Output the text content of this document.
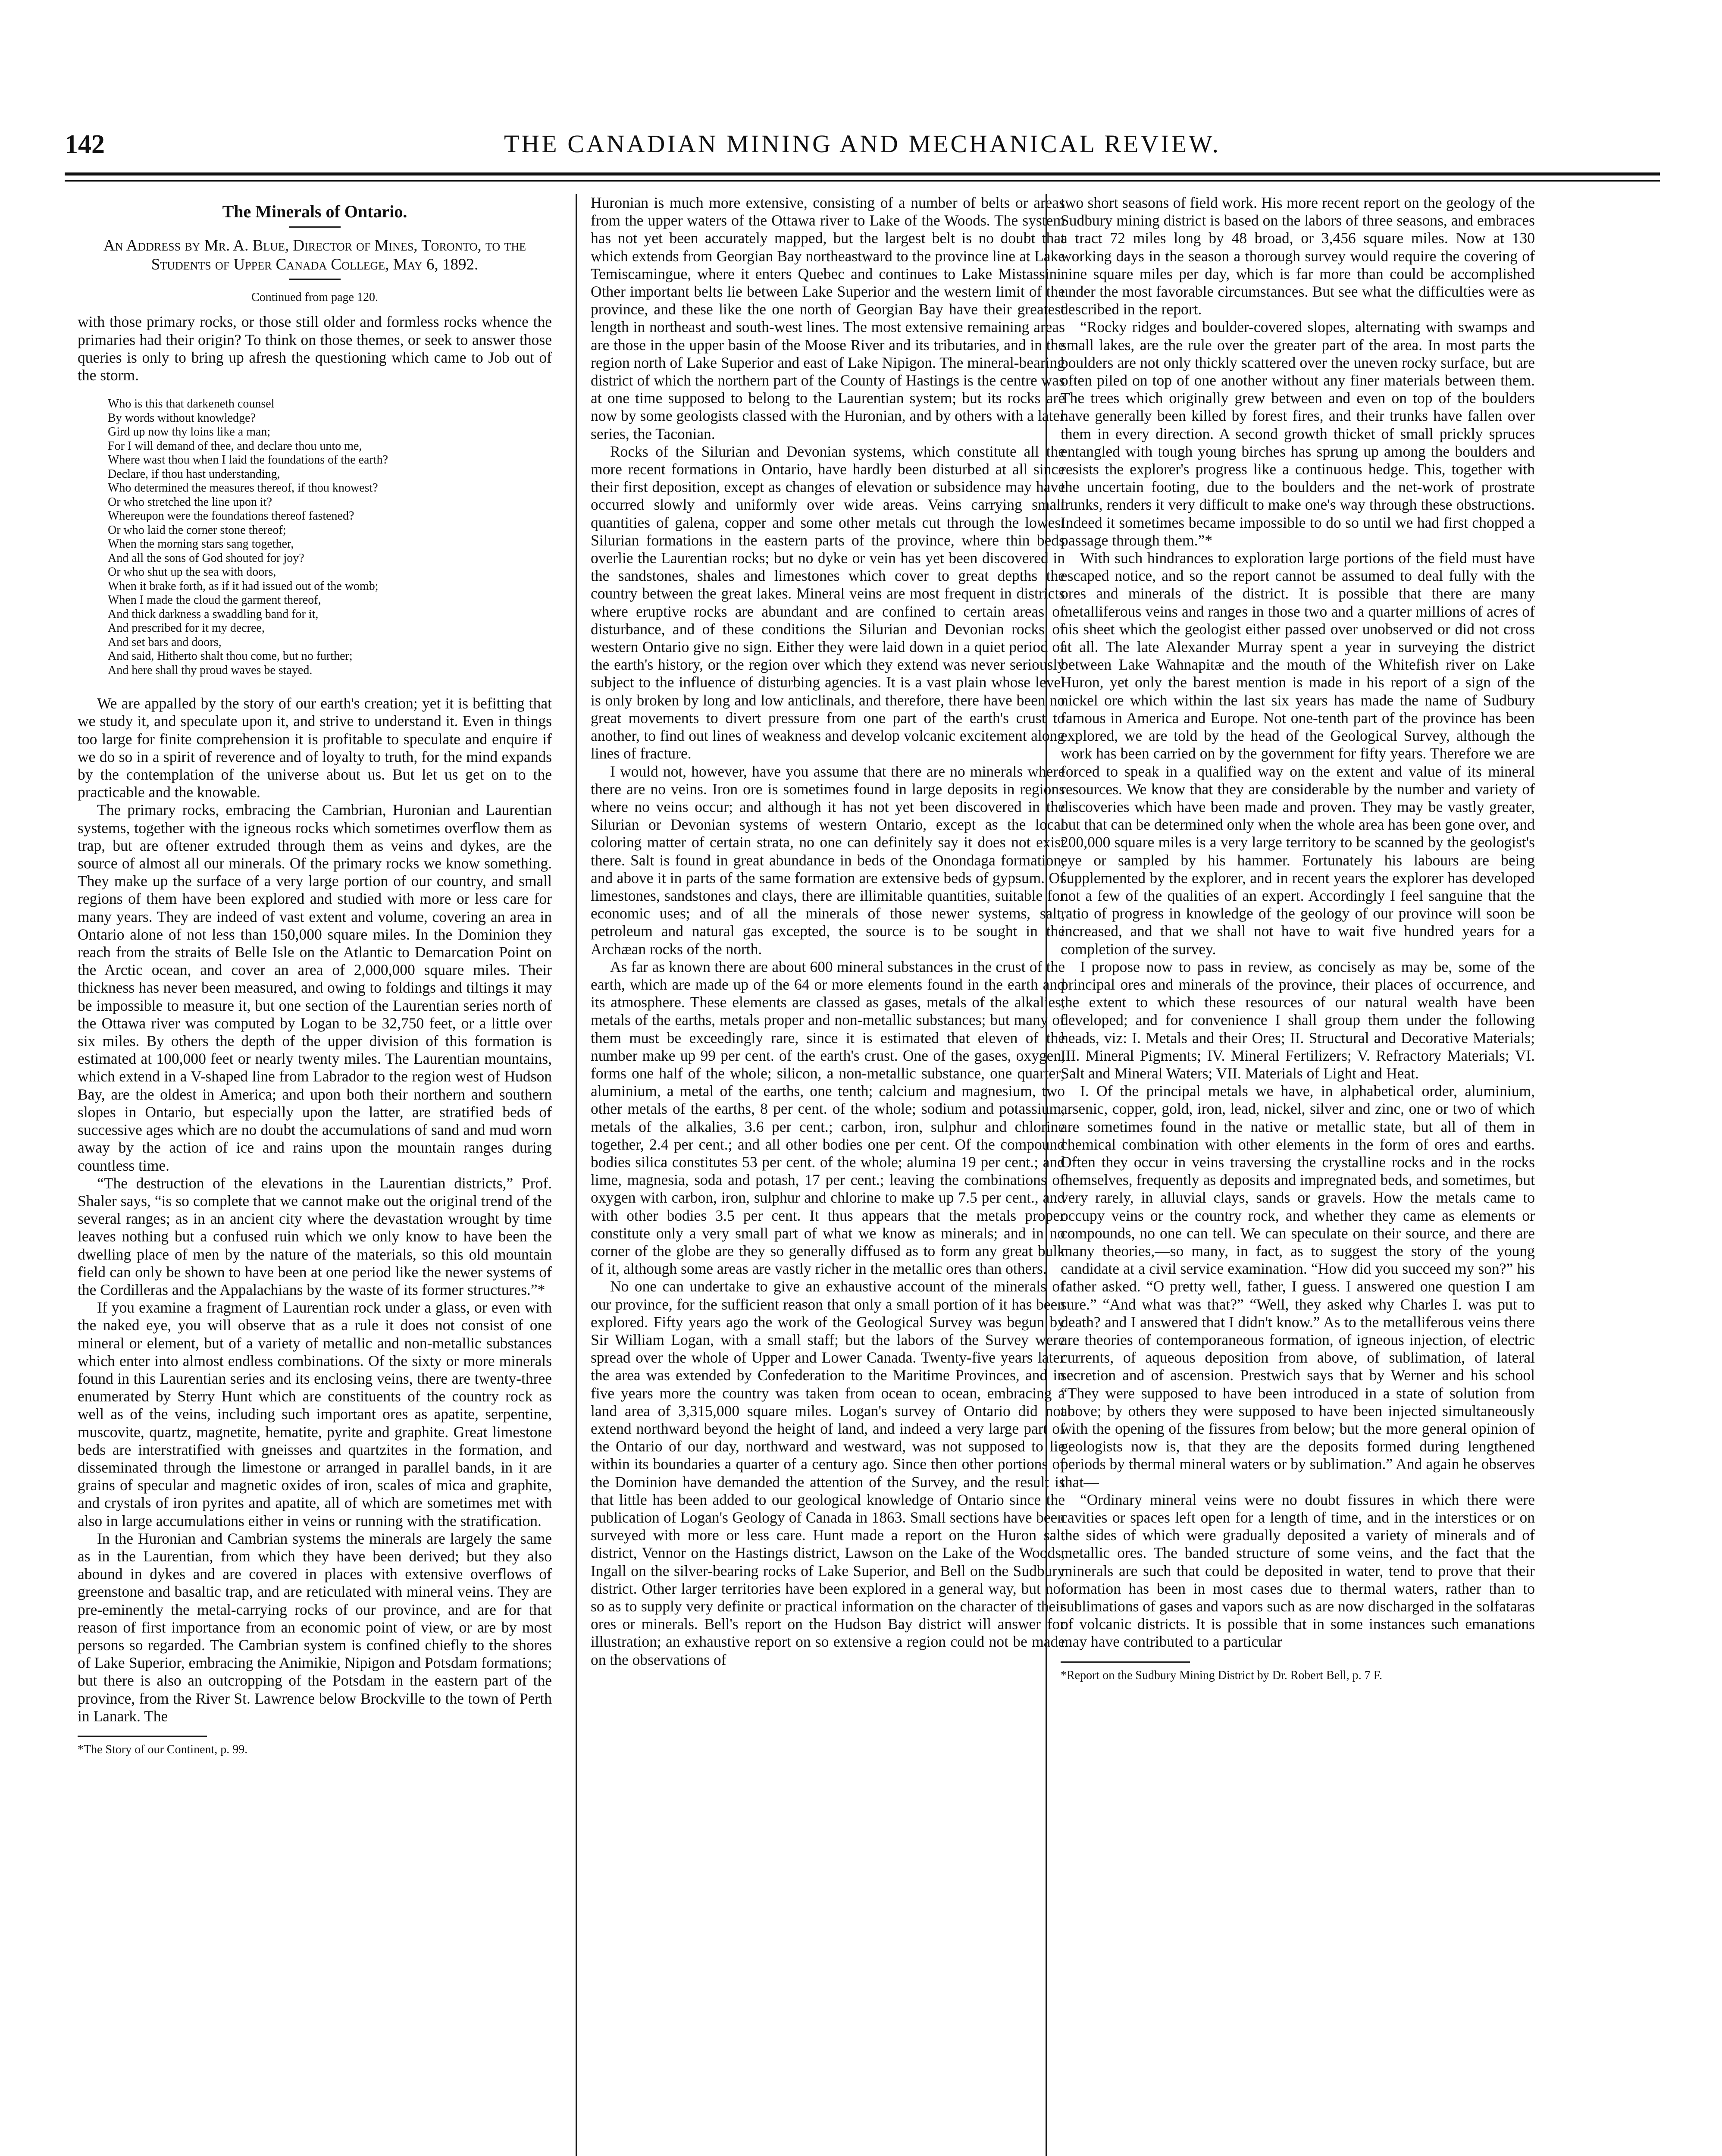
142	THE CANADIAN MINING AND MECHANICAL REVIEW.
The Minerals of Ontario.
An Address by Mr. A. Blue, Director of Mines, Toronto, to the Students of Upper Canada College, May 6, 1892.
Continued from page 120.

with those primary rocks, or those still older and formless rocks whence the primaries had their origin? To think on those themes, or seek to answer those queries is only to bring up afresh the questioning which came to Job out of the storm.

Who is this that darkeneth counsel
By words without knowledge?
Gird up now thy loins like a man;
For I will demand of thee, and declare thou unto me,
Where wast thou when I laid the foundations of the earth?
Declare, if thou hast understanding,
Who determined the measures thereof, if thou knowest?
Or who stretched the line upon it?
Whereupon were the foundations thereof fastened?
Or who laid the corner stone thereof;
When the morning stars sang together,
And all the sons of God shouted for joy?
Or who shut up the sea with doors,
When it brake forth, as if it had issued out of the womb;
When I made the cloud the garment thereof,
And thick darkness a swaddling band for it,
And prescribed for it my decree,
And set bars and doors,
And said, Hitherto shalt thou come, but no further;
And here shall thy proud waves be stayed.

We are appalled by the story of our earth's creation; yet it is befitting that we study it, and speculate upon it, and strive to understand it. Even in things too large for finite comprehension it is profitable to speculate and enquire if we do so in a spirit of reverence and of loyalty to truth, for the mind expands by the contemplation of the universe about us. But let us get on to the practicable and the knowable.

The primary rocks, embracing the Cambrian, Huronian and Laurentian systems, together with the igneous rocks which sometimes overflow them as trap, but are oftener extruded through them as veins and dykes, are the source of almost all our minerals. Of the primary rocks we know something. They make up the surface of a very large portion of our country, and small regions of them have been explored and studied with more or less care for many years. They are indeed of vast extent and volume, covering an area in Ontario alone of not less than 150,000 square miles. In the Dominion they reach from the straits of Belle Isle on the Atlantic to Demarcation Point on the Arctic ocean, and cover an area of 2,000,000 square miles. Their thickness has never been measured, and owing to foldings and tiltings it may be impossible to measure it, but one section of the Laurentian series north of the Ottawa river was computed by Logan to be 32,750 feet, or a little over six miles. By others the depth of the upper division of this formation is estimated at 100,000 feet or nearly twenty miles. The Laurentian mountains, which extend in a V-shaped line from Labrador to the region west of Hudson Bay, are the oldest in America; and upon both their northern and southern slopes in Ontario, but especially upon the latter, are stratified beds of successive ages which are no doubt the accumulations of sand and mud worn away by the action of ice and rains upon the mountain ranges during countless time.

“The destruction of the elevations in the Laurentian districts,” Prof. Shaler says, “is so complete that we cannot make out the original trend of the several ranges; as in an ancient city where the devastation wrought by time leaves nothing but a confused ruin which we only know to have been the dwelling place of men by the nature of the materials, so this old mountain field can only be shown to have been at one period like the newer systems of the Cordilleras and the Appalachians by the waste of its former structures.”*

If you examine a fragment of Laurentian rock under a glass, or even with the naked eye, you will observe that as a rule it does not consist of one mineral or element, but of a variety of metallic and non-metallic substances which enter into almost endless combinations. Of the sixty or more minerals found in this Laurentian series and its enclosing veins, there are twenty-three enumerated by Sterry Hunt which are constituents of the country rock as well as of the veins, including such important ores as apatite, serpentine, muscovite, quartz, magnetite, hematite, pyrite and graphite. Great limestone beds are interstratified with gneisses and quartzites in the formation, and disseminated through the limestone or arranged in parallel bands, in it are grains of specular and magnetic oxides of iron, scales of mica and graphite, and crystals of iron pyrites and apatite, all of which are sometimes met with also in large accumulations either in veins or running with the stratification.

In the Huronian and Cambrian systems the minerals are largely the same as in the Laurentian, from which they have been derived; but they also abound in dykes and are covered in places with extensive overflows of greenstone and basaltic trap, and are reticulated with mineral veins. They are pre-eminently the metal-carrying rocks of our province, and are for that reason of first importance from an economic point of view, or are by most persons so regarded. The Cambrian system is confined chiefly to the shores of Lake Superior, embracing the Animikie, Nipigon and Potsdam formations; but there is also an outcropping of the Potsdam in the eastern part of the province, from the River St. Lawrence below Brockville to the town of Perth in Lanark. The

*The Story of our Continent, p. 99.

Huronian is much more extensive, consisting of a number of belts or areas from the upper waters of the Ottawa river to Lake of the Woods. The system has not yet been accurately mapped, but the largest belt is no doubt that which extends from Georgian Bay northeastward to the province line at Lake Temiscamingue, where it enters Quebec and continues to Lake Mistassini. Other important belts lie between Lake Superior and the western limit of the province, and these like the one north of Georgian Bay have their greatest length in northeast and south-west lines. The most extensive remaining areas are those in the upper basin of the Moose River and its tributaries, and in the region north of Lake Superior and east of Lake Nipigon. The mineral-bearing district of which the northern part of the County of Hastings is the centre was at one time supposed to belong to the Laurentian system; but its rocks are now by some geologists classed with the Huronian, and by others with a later series, the Taconian.

Rocks of the Silurian and Devonian systems, which constitute all the more recent formations in Ontario, have hardly been disturbed at all since their first deposition, except as changes of elevation or subsidence may have occurred slowly and uniformly over wide areas. Veins carrying small quantities of galena, copper and some other metals cut through the lowest Silurian formations in the eastern parts of the province, where thin beds overlie the Laurentian rocks; but no dyke or vein has yet been discovered in the sandstones, shales and limestones which cover to great depths the country between the great lakes. Mineral veins are most frequent in districts where eruptive rocks are abundant and are confined to certain areas of disturbance, and of these conditions the Silurian and Devonian rocks of western Ontario give no sign. Either they were laid down in a quiet period of the earth's history, or the region over which they extend was never seriously subject to the influence of disturbing agencies. It is a vast plain whose level is only broken by long and low anticlinals, and therefore, there have been no great movements to divert pressure from one part of the earth's crust to another, to find out lines of weakness and develop volcanic excitement along lines of fracture.

I would not, however, have you assume that there are no minerals where there are no veins. Iron ore is sometimes found in large deposits in regions where no veins occur; and although it has not yet been discovered in the Silurian or Devonian systems of western Ontario, except as the local coloring matter of certain strata, no one can definitely say it does not exist there. Salt is found in great abundance in beds of the Onondaga formation, and above it in parts of the same formation are extensive beds of gypsum. Of limestones, sandstones and clays, there are illimitable quantities, suitable for economic uses; and of all the minerals of those newer systems, salt, petroleum and natural gas excepted, the source is to be sought in the Archæan rocks of the north.

As far as known there are about 600 mineral substances in the crust of the earth, which are made up of the 64 or more elements found in the earth and its atmosphere. These elements are classed as gases, metals of the alkalies, metals of the earths, metals proper and non-metallic substances; but many of them must be exceedingly rare, since it is estimated that eleven of the number make up 99 per cent. of the earth's crust. One of the gases, oxygen, forms one half of the whole; silicon, a non-metallic substance, one quarter; aluminium, a metal of the earths, one tenth; calcium and magnesium, two other metals of the earths, 8 per cent. of the whole; sodium and potassium, metals of the alkalies, 3.6 per cent.; carbon, iron, sulphur and chlorine together, 2.4 per cent.; and all other bodies one per cent. Of the compound bodies silica constitutes 53 per cent. of the whole; alumina 19 per cent.; and lime, magnesia, soda and potash, 17 per cent.; leaving the combinations of oxygen with carbon, iron, sulphur and chlorine to make up 7.5 per cent., and with other bodies 3.5 per cent. It thus appears that the metals proper constitute only a very small part of what we know as minerals; and in no corner of the globe are they so generally diffused as to form any great bulk of it, although some areas are vastly richer in the metallic ores than others.

No one can undertake to give an exhaustive account of the minerals of our province, for the sufficient reason that only a small portion of it has been explored. Fifty years ago the work of the Geological Survey was begun by Sir William Logan, with a small staff; but the labors of the Survey were spread over the whole of Upper and Lower Canada. Twenty-five years later the area was extended by Confederation to the Maritime Provinces, and in five years more the country was taken from ocean to ocean, embracing a land area of 3,315,000 square miles. Logan's survey of Ontario did not extend northward beyond the height of land, and indeed a very large part of the Ontario of our day, northward and westward, was not supposed to lie within its boundaries a quarter of a century ago. Since then other portions of the Dominion have demanded the attention of the Survey, and the result is that little has been added to our geological knowledge of Ontario since the publication of Logan's Geology of Canada in 1863. Small sections have been surveyed with more or less care. Hunt made a report on the Huron salt district, Vennor on the Hastings district, Lawson on the Lake of the Woods, Ingall on the silver-bearing rocks of Lake Superior, and Bell on the Sudbury district. Other larger territories have been explored in a general way, but not so as to supply very definite or practical information on the character of their ores or minerals. Bell's report on the Hudson Bay district will answer for illustration; an exhaustive report on so extensive a region could not be made on the observations of

two short seasons of field work. His more recent report on the geology of the Sudbury mining district is based on the labors of three seasons, and embraces a tract 72 miles long by 48 broad, or 3,456 square miles. Now at 130 working days in the season a thorough survey would require the covering of nine square miles per day, which is far more than could be accomplished under the most favorable circumstances. But see what the difficulties were as described in the report.

“Rocky ridges and boulder-covered slopes, alternating with swamps and small lakes, are the rule over the greater part of the area. In most parts the boulders are not only thickly scattered over the uneven rocky surface, but are often piled on top of one another without any finer materials between them. The trees which originally grew between and even on top of the boulders have generally been killed by forest fires, and their trunks have fallen over them in every direction. A second growth thicket of small prickly spruces entangled with tough young birches has sprung up among the boulders and resists the explorer's progress like a continuous hedge. This, together with the uncertain footing, due to the boulders and the net-work of prostrate trunks, renders it very difficult to make one's way through these obstructions. Indeed it sometimes became impossible to do so until we had first chopped a passage through them.”*

With such hindrances to exploration large portions of the field must have escaped notice, and so the report cannot be assumed to deal fully with the ores and minerals of the district. It is possible that there are many metalliferous veins and ranges in those two and a quarter millions of acres of his sheet which the geologist either passed over unobserved or did not cross at all. The late Alexander Murray spent a year in surveying the district between Lake Wahnapitæ and the mouth of the Whitefish river on Lake Huron, yet only the barest mention is made in his report of a sign of the nickel ore which within the last six years has made the name of Sudbury famous in America and Europe. Not one-tenth part of the province has been explored, we are told by the head of the Geological Survey, although the work has been carried on by the government for fifty years. Therefore we are forced to speak in a qualified way on the extent and value of its mineral resources. We know that they are considerable by the number and variety of discoveries which have been made and proven. They may be vastly greater, but that can be determined only when the whole area has been gone over, and 200,000 square miles is a very large territory to be scanned by the geologist's eye or sampled by his hammer. Fortunately his labours are being supplemented by the explorer, and in recent years the explorer has developed not a few of the qualities of an expert. Accordingly I feel sanguine that the ratio of progress in knowledge of the geology of our province will soon be increased, and that we shall not have to wait five hundred years for a completion of the survey.

I propose now to pass in review, as concisely as may be, some of the principal ores and minerals of the province, their places of occurrence, and the extent to which these resources of our natural wealth have been developed; and for convenience I shall group them under the following heads, viz: I. Metals and their Ores; II. Structural and Decorative Materials; III. Mineral Pigments; IV. Mineral Fertilizers; V. Refractory Materials; VI. Salt and Mineral Waters; VII. Materials of Light and Heat.

I. Of the principal metals we have, in alphabetical order, aluminium, arsenic, copper, gold, iron, lead, nickel, silver and zinc, one or two of which are sometimes found in the native or metallic state, but all of them in chemical combination with other elements in the form of ores and earths. Often they occur in veins traversing the crystalline rocks and in the rocks themselves, frequently as deposits and impregnated beds, and sometimes, but very rarely, in alluvial clays, sands or gravels. How the metals came to occupy veins or the country rock, and whether they came as elements or compounds, no one can tell. We can speculate on their source, and there are many theories,—so many, in fact, as to suggest the story of the young candidate at a civil service examination. “How did you succeed my son?” his father asked. “O pretty well, father, I guess. I answered one question I am sure.” “And what was that?” “Well, they asked why Charles I. was put to death? and I answered that I didn't know.” As to the metalliferous veins there are theories of contemporaneous formation, of igneous injection, of electric currents, of aqueous deposition from above, of sublimation, of lateral secretion and of ascension. Prestwich says that by Werner and his school “They were supposed to have been introduced in a state of solution from above; by others they were supposed to have been injected simultaneously with the opening of the fissures from below; but the more general opinion of geologists now is, that they are the deposits formed during lengthened periods by thermal mineral waters or by sublimation.” And again he observes that—

“Ordinary mineral veins were no doubt fissures in which there were cavities or spaces left open for a length of time, and in the interstices or on the sides of which were gradually deposited a variety of minerals and of metallic ores. The banded structure of some veins, and the fact that the minerals are such that could be deposited in water, tend to prove that their formation has been in most cases due to thermal waters, rather than to sublimations of gases and vapors such as are now discharged in the solfataras of volcanic districts. It is possible that in some instances such emanations may have contributed to a particular

*Report on the Sudbury Mining District by Dr. Robert Bell, p. 7 F.
